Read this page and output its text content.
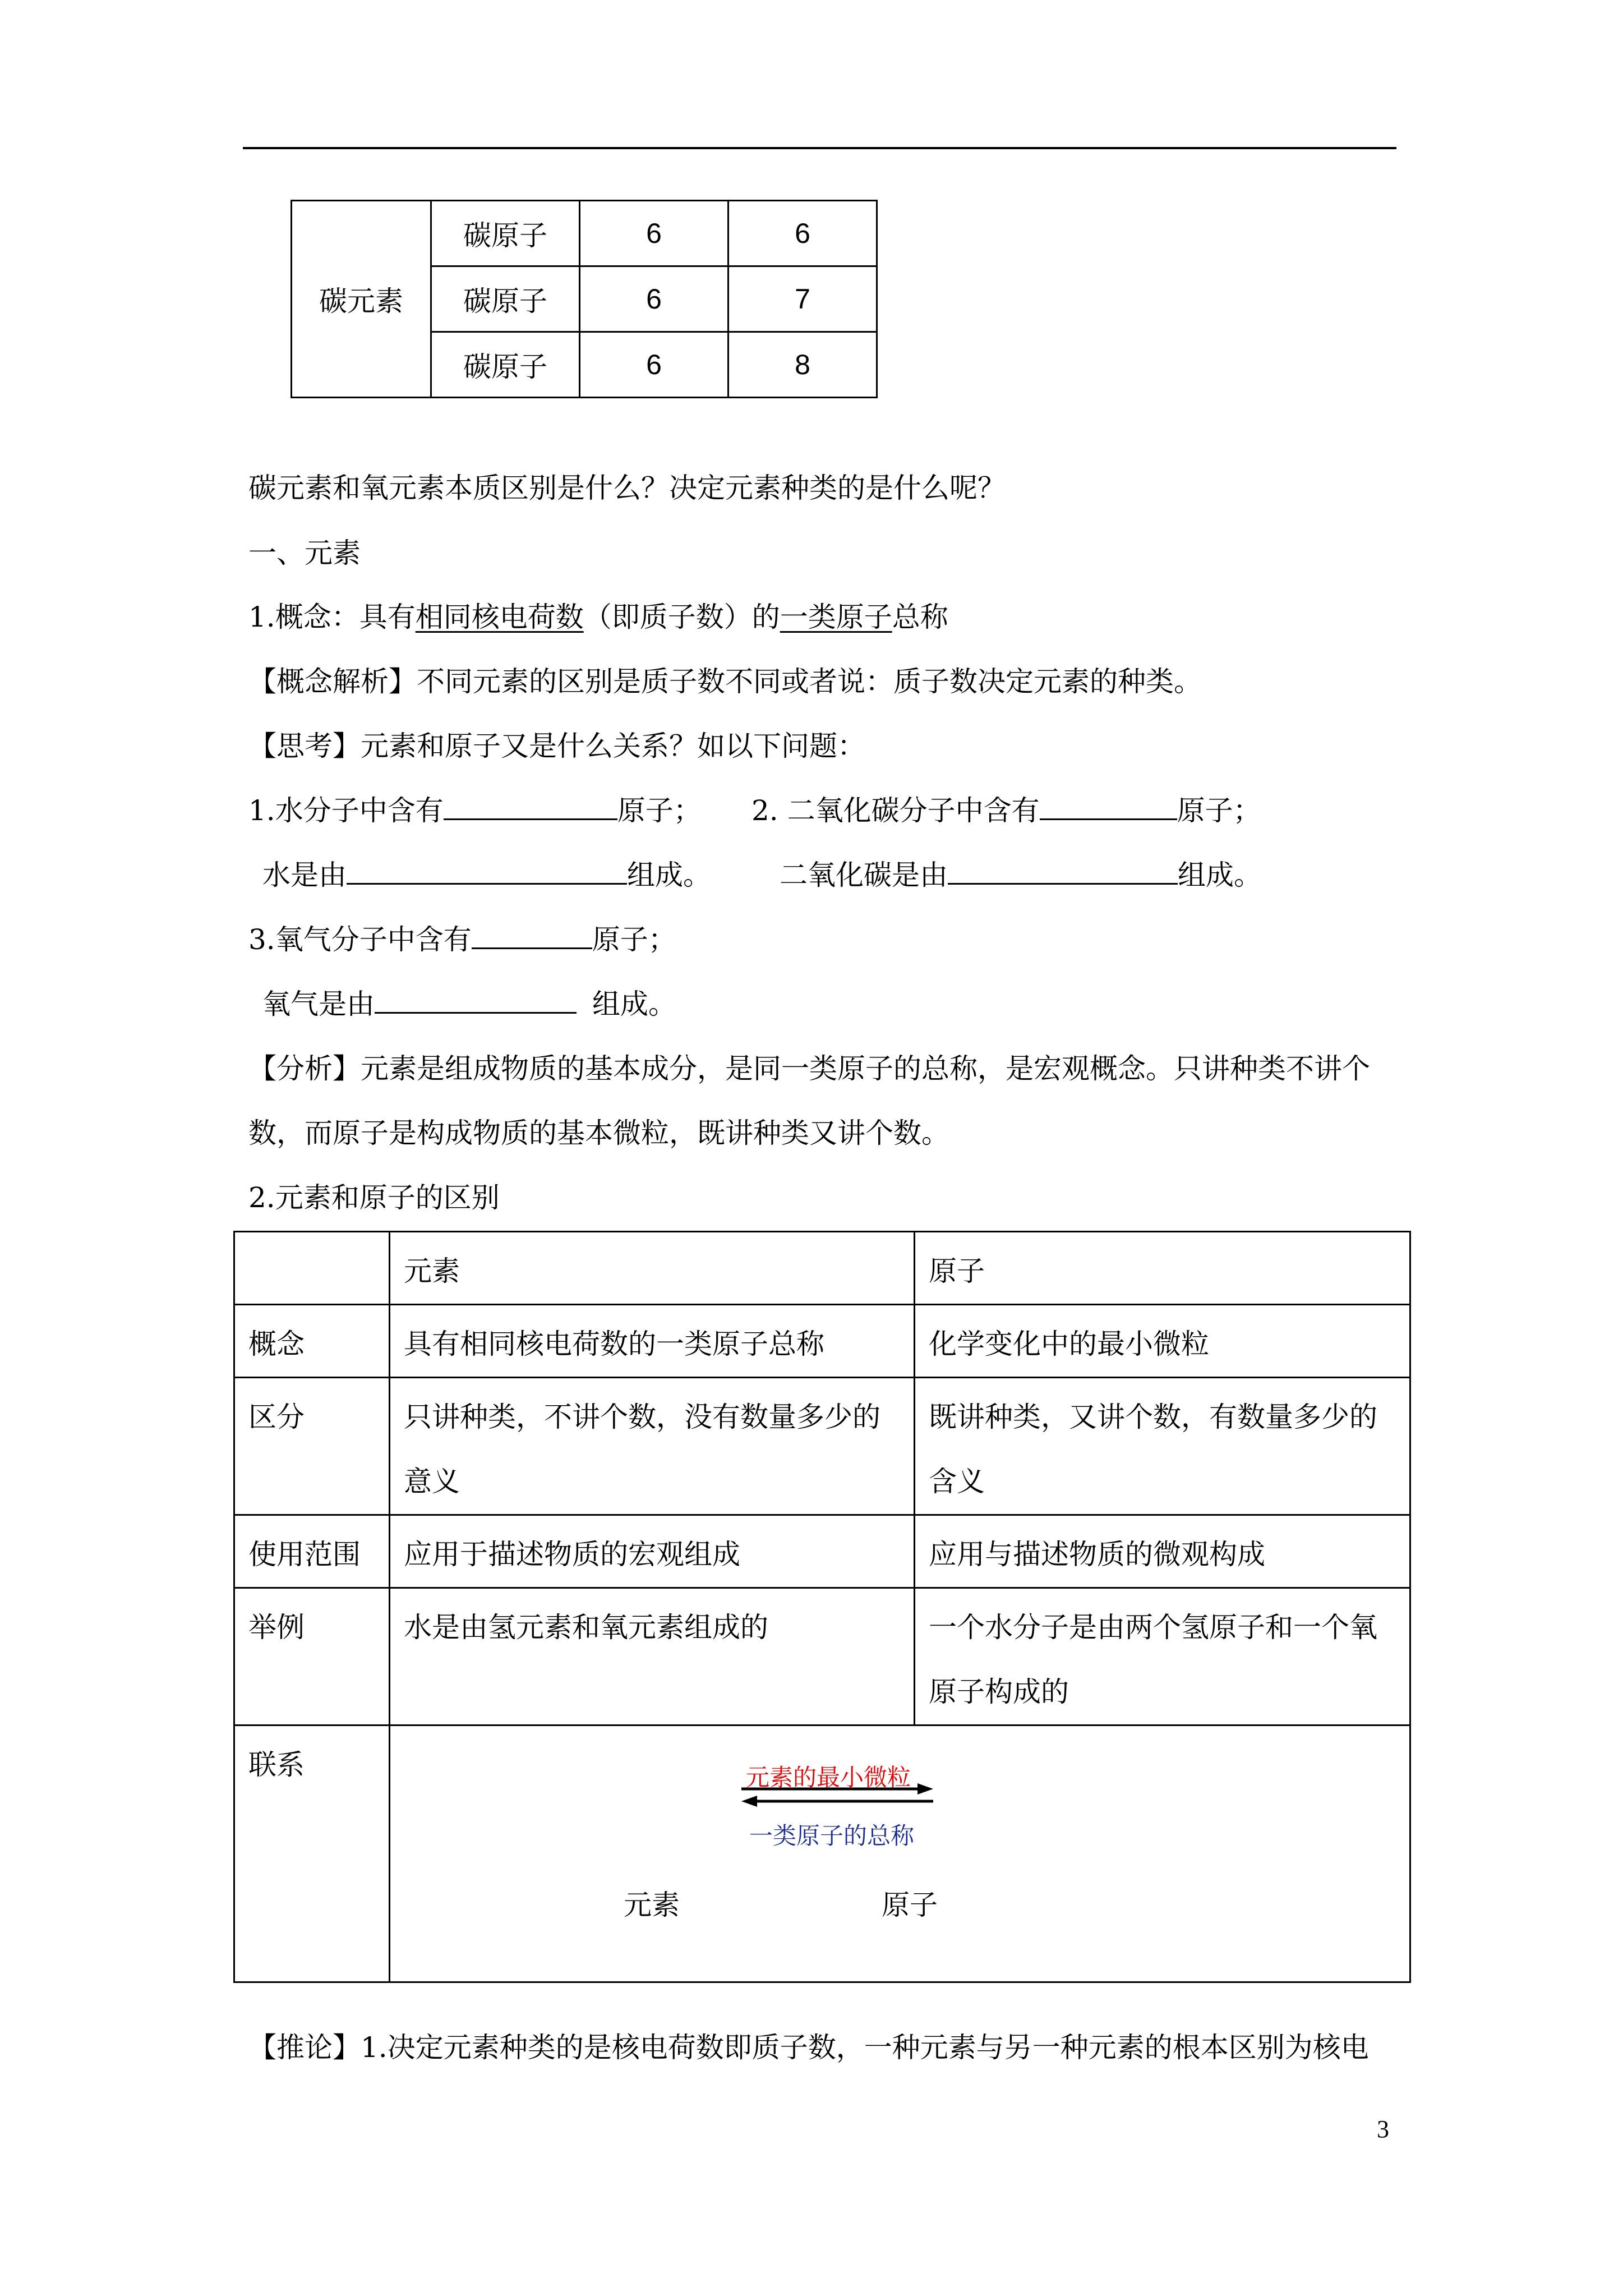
碳元素	碳原子	6	6
	碳原子	6	7
	碳原子	6	8
碳元素和氧元素本质区别是什么？决定元素种类的是什么呢？
一、元素
1.概念：具有相同核电荷数（即质子数）的一类原子总称
【概念解析】不同元素的区别是质子数不同或者说：质子数决定元素的种类。
【思考】元素和原子又是什么关系？如以下问题：
1.水分子中含有	原子； 2. 二氧化碳分子中含有	原子；
水是由	组成。 二氧化碳是由	组成。
3.氧气分子中含有	原子；
氧气是由	组成。
【分析】元素是组成物质的基本成分，是同一类原子的总称，是宏观概念。只讲种类不讲个
数，而原子是构成物质的基本微粒，既讲种类又讲个数。
2.元素和原子的区别
	元素	原子
概念	具有相同核电荷数的一类原子总称	化学变化中的最小微粒
区分	只讲种类，不讲个数，没有数量多少的意义	既讲种类，又讲个数，有数量多少的含义
使用范围	应用于描述物质的宏观组成	应用与描述物质的微观构成
举例	水是由氢元素和氧元素组成的	一个水分子是由两个氢原子和一个氧原子构成的
联系	元素的最小微粒
一类原子的总称
元素 原子	
【推论】1.决定元素种类的是核电荷数即质子数，一种元素与另一种元素的根本区别为核电
3
